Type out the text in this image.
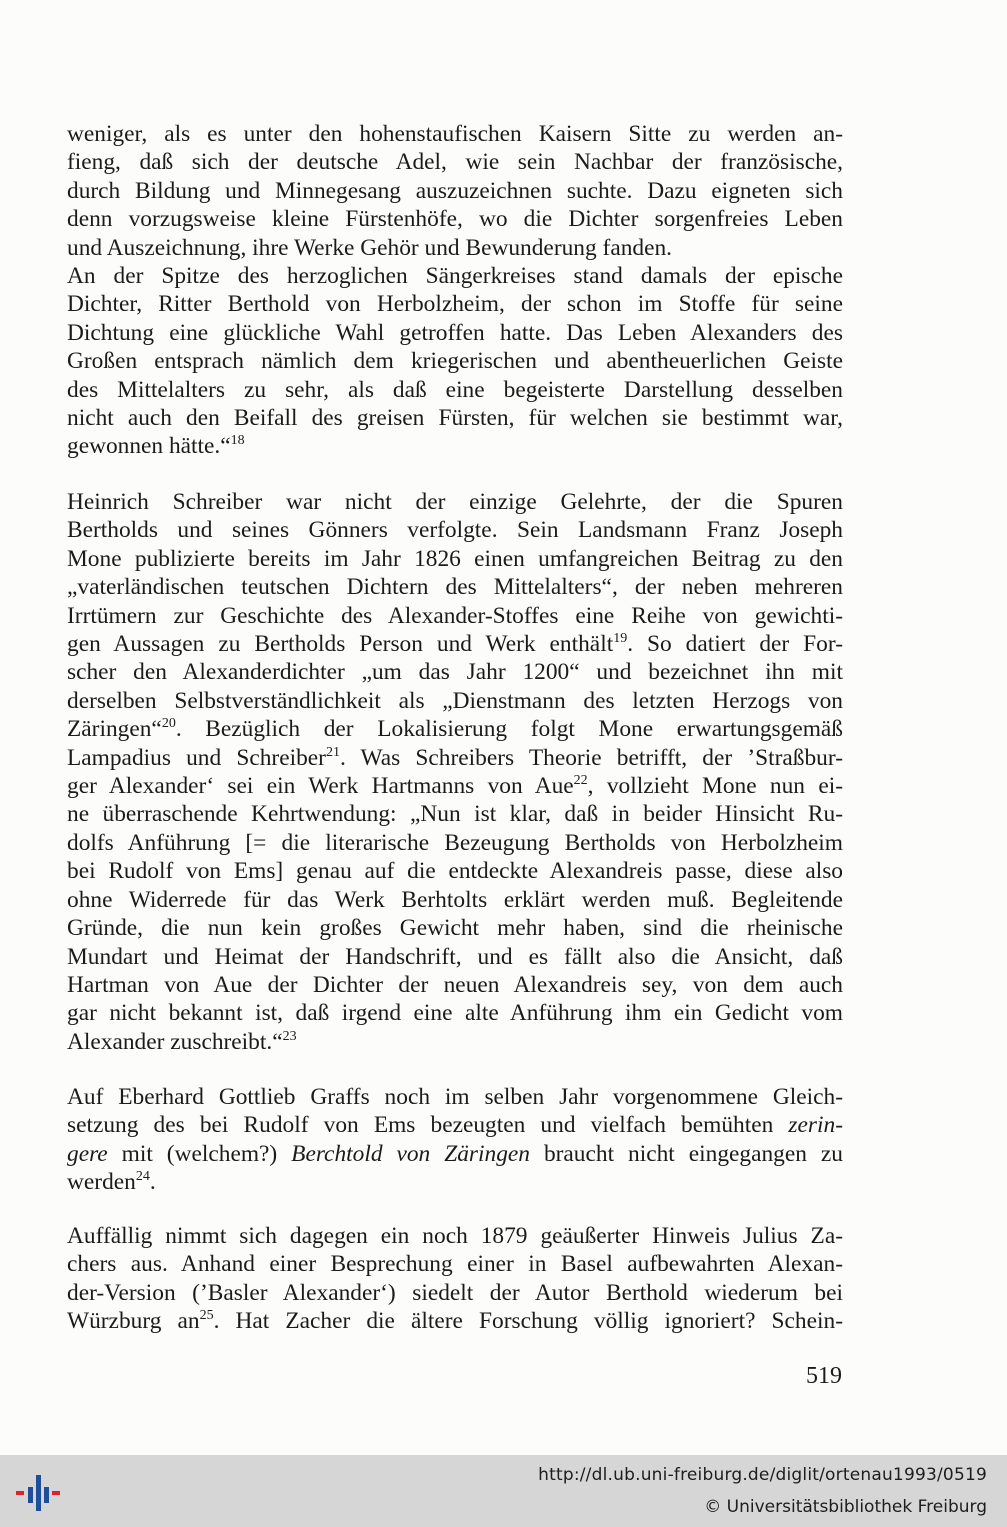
weniger, als es unter den hohenstaufischen Kaisern Sitte zu werden an-
fieng, daß sich der deutsche Adel, wie sein Nachbar der französische,
durch Bildung und Minnegesang auszuzeichnen suchte. Dazu eigneten sich
denn vorzugsweise kleine Fürstenhöfe, wo die Dichter sorgenfreies Leben
und Auszeichnung, ihre Werke Gehör und Bewunderung fanden.
An der Spitze des herzoglichen Sängerkreises stand damals der epische
Dichter, Ritter Berthold von Herbolzheim, der schon im Stoffe für seine
Dichtung eine glückliche Wahl getroffen hatte. Das Leben Alexanders des
Großen entsprach nämlich dem kriegerischen und abentheuerlichen Geiste
des Mittelalters zu sehr, als daß eine begeisterte Darstellung desselben
nicht auch den Beifall des greisen Fürsten, für welchen sie bestimmt war,
gewonnen hätte.“$^{18}$
Heinrich Schreiber war nicht der einzige Gelehrte, der die Spuren
Bertholds und seines Gönners verfolgte. Sein Landsmann Franz Joseph
Mone publizierte bereits im Jahr 1826 einen umfangreichen Beitrag zu den
„vaterländischen teutschen Dichtern des Mittelalters“, der neben mehreren
Irrtümern zur Geschichte des Alexander-Stoffes eine Reihe von gewichti-
gen Aussagen zu Bertholds Person und Werk enthält$^{19}$. So datiert der For-
scher den Alexanderdichter „um das Jahr 1200“ und bezeichnet ihn mit
derselben Selbstverständlichkeit als „Dienstmann des letzten Herzogs von
Zäringen“$^{20}$. Bezüglich der Lokalisierung folgt Mone erwartungsgemäß
Lampadius und Schreiber$^{21}$. Was Schreibers Theorie betrifft, der ’Straßbur-
ger Alexander‘ sei ein Werk Hartmanns von Aue$^{22}$, vollzieht Mone nun ei-
ne überraschende Kehrtwendung: „Nun ist klar, daß in beider Hinsicht Ru-
dolfs Anführung [= die literarische Bezeugung Bertholds von Herbolzheim
bei Rudolf von Ems] genau auf die entdeckte Alexandreis passe, diese also
ohne Widerrede für das Werk Berhtolts erklärt werden muß. Begleitende
Gründe, die nun kein großes Gewicht mehr haben, sind die rheinische
Mundart und Heimat der Handschrift, und es fällt also die Ansicht, daß
Hartman von Aue der Dichter der neuen Alexandreis sey, von dem auch
gar nicht bekannt ist, daß irgend eine alte Anführung ihm ein Gedicht vom
Alexander zuschreibt.“$^{23}$
Auf Eberhard Gottlieb Graffs noch im selben Jahr vorgenommene Gleich-
setzung des bei Rudolf von Ems bezeugten und vielfach bemühten zerin-
gere mit (welchem?) Berchtold von Zäringen braucht nicht eingegangen zu
werden$^{24}$.
Auffällig nimmt sich dagegen ein noch 1879 geäußerter Hinweis Julius Za-
chers aus. Anhand einer Besprechung einer in Basel aufbewahrten Alexan-
der-Version (’Basler Alexander‘) siedelt der Autor Berthold wiederum bei
Würzburg $an^{25}$. Hat Zacher die ältere Forschung völlig ignoriert? Schein-
519
http://dl.ub.uni-freiburg.de/diglit/ortenau1993/0519
© Universitätsbibliothek Freiburg
